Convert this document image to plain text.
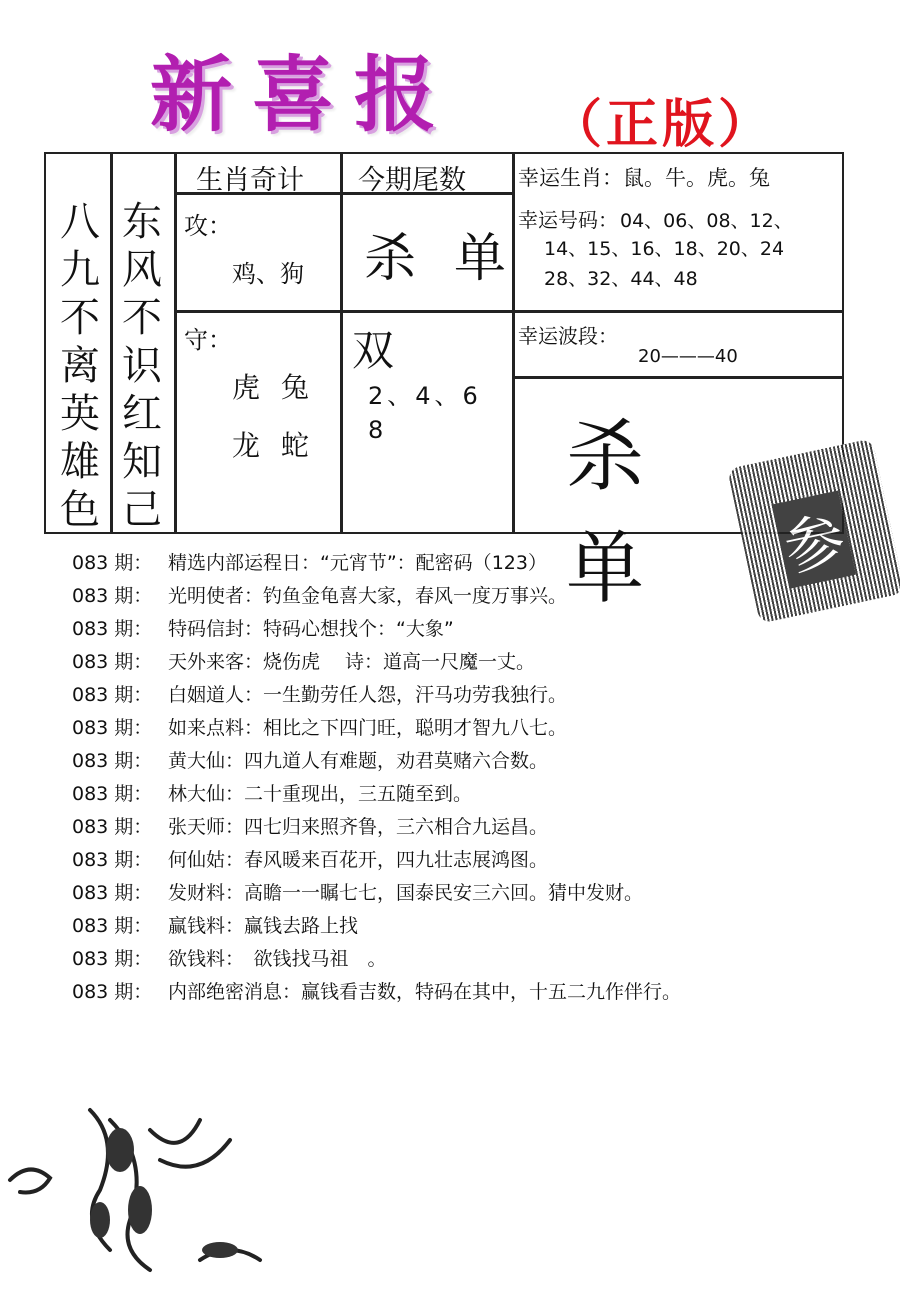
新喜报 （正版）
八九不离英雄色
东风不识红知己
生肖奇计 今期尾数
攻：
鸡、狗
守：
虎 兔
龙 蛇
杀单
双
2、4、6
8
幸运生肖：鼠。牛。虎。兔
幸运号码： 04、06、08、12、
14、15、16、18、20、24
28、32、44、48
幸运波段：
20———40
杀单	参
083 期： 精选内部运程日：“元宵节”：配密码（123）
083 期： 光明使者：钓鱼金龟喜大家，春风一度万事兴。
083 期： 特码信封：特码心想找个：“大象”
083 期： 天外来客：烧伤虎　 诗：道高一尺魔一丈。
083 期： 白姻道人：一生勤劳任人怨，汗马功劳我独行。
083 期： 如来点料：相比之下四门旺，聪明才智九八七。
083 期： 黄大仙：四九道人有难题，劝君莫赌六合数。
083 期： 林大仙：二十重现出，三五随至到。
083 期： 张天师：四七归来照齐鲁，三六相合九运昌。
083 期： 何仙姑：春风暖来百花开，四九壮志展鸿图。
083 期： 发财料：高瞻一一瞩七七，国泰民安三六回。猜中发财。
083 期： 赢钱料：赢钱去路上找
083 期： 欲钱料：　欲钱找马祖　。
083 期： 内部绝密消息：赢钱看吉数，特码在其中，十五二九作伴行。
